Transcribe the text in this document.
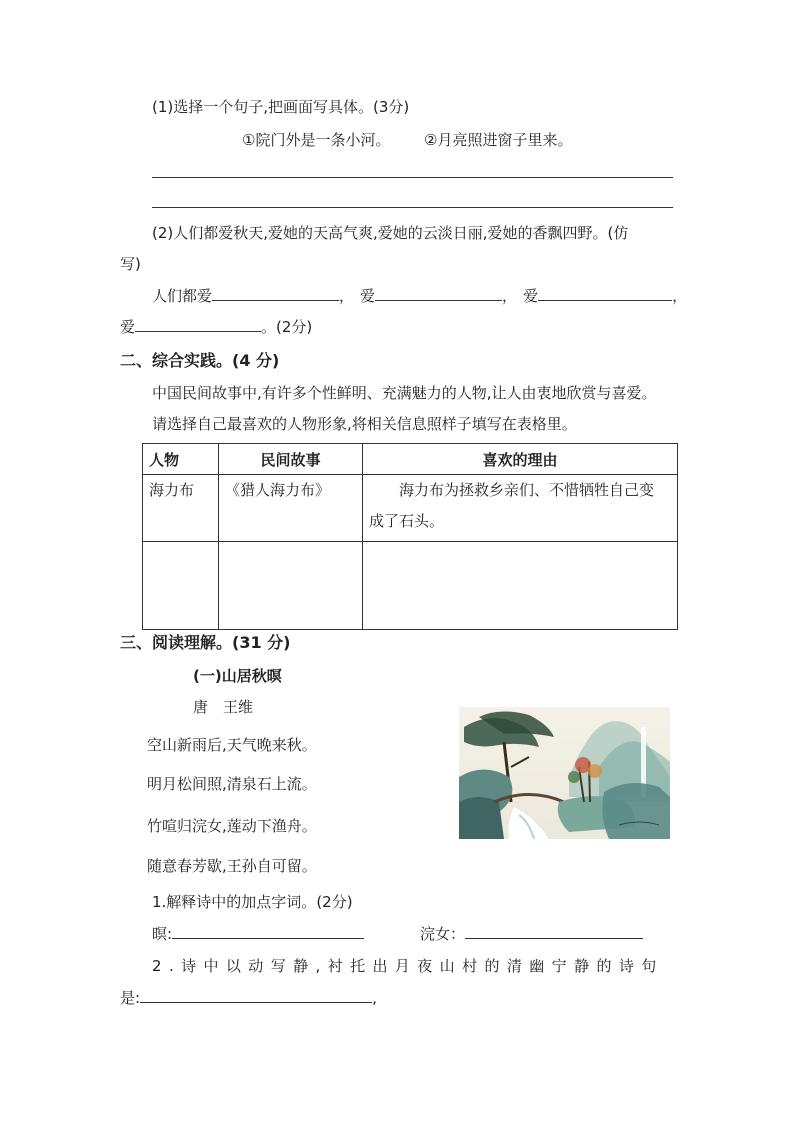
(1)选择一个句子,把画面写具体。(3分)
①院门外是一条小河。 ②月亮照进窗子里来。
(2)人们都爱秋天,爱她的天高气爽,爱她的云淡日丽,爱她的香飘四野。(仿
写)
人们都爱	， 爱	， 爱	，
爱	。(2分)
二、综合实践。(4 分)
中国民间故事中,有许多个性鲜明、充满魅力的人物,让人由衷地欣赏与喜爱。
请选择自己最喜欢的人物形象,将相关信息照样子填写在表格里。
人物	民间故事	喜欢的理由
海力布	《猎人海力布》	海力布为拯救乡亲们、不惜牺牲自己变
成了石头。

三、阅读理解。(31 分)
(一)山居秋暝
唐　王维
空山新雨后,天气晚来秋。
明月松间照,清泉石上流。
竹喧归浣女,莲动下渔舟。
随意春芳歇,王孙自可留。
1.解释诗中的加点字词。(2分)
暝:	浣女：
2.诗中以动写静,衬托出月夜山村的清幽宁静的诗句
是:	,
